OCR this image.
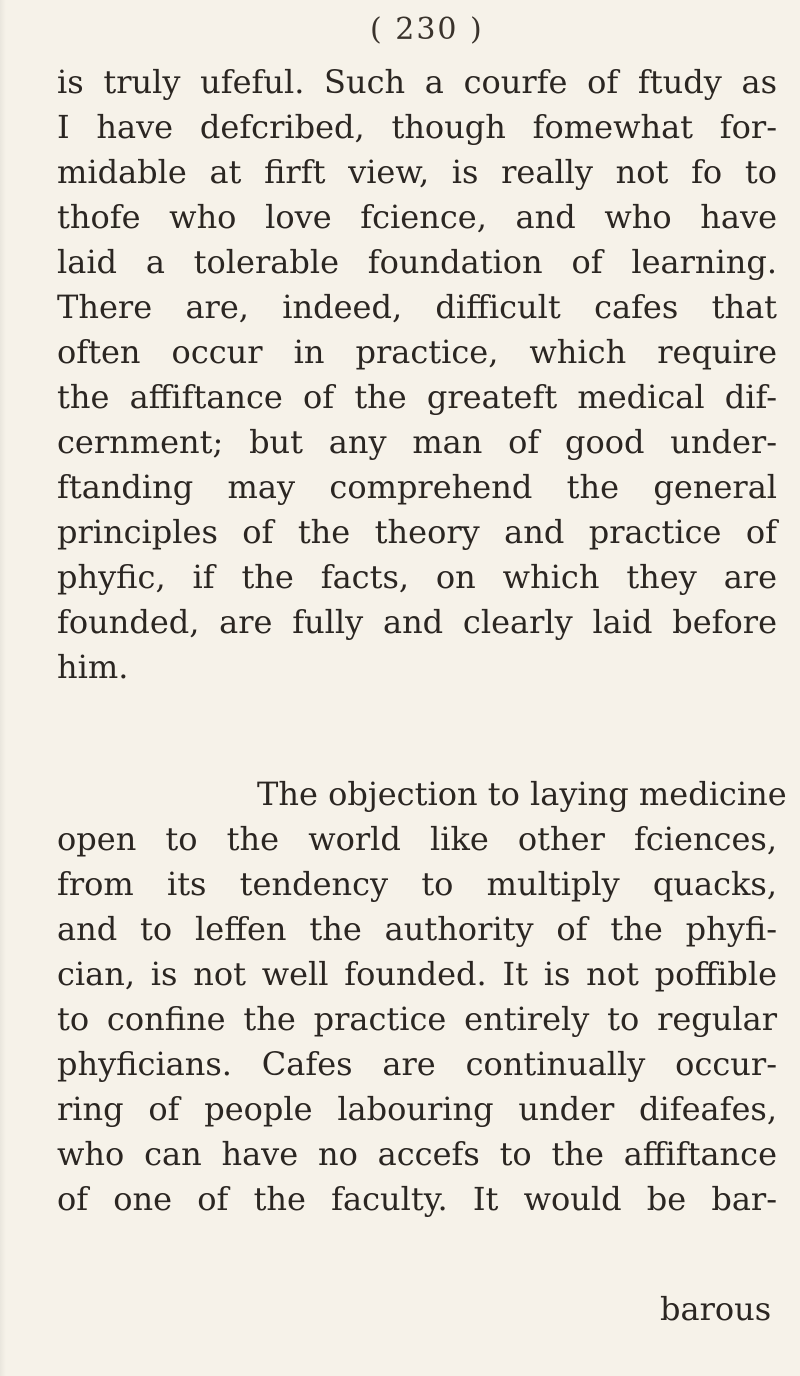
( 230 )
is truly ufeful. Such a courfe of ftudy as
I have defcribed, though fomewhat for-
midable at firft view, is really not fo to
thofe who love fcience, and who have
laid a tolerable foundation of learning.
There are, indeed, difficult cafes that
often occur in practice, which require
the affiftance of the greateft medical dif-
cernment; but any man of good under-
ftanding may comprehend the general
principles of the theory and practice of
phyfic, if the facts, on which they are
founded, are fully and clearly laid before
him.
The objection to laying medicine
open to the world like other fciences,
from its tendency to multiply quacks,
and to leffen the authority of the phyfi-
cian, is not well founded. It is not poffible
to confine the practice entirely to regular
phyficians. Cafes are continually occur-
ring of people labouring under difeafes,
who can have no accefs to the affiftance
of one of the faculty. It would be bar-
barous
